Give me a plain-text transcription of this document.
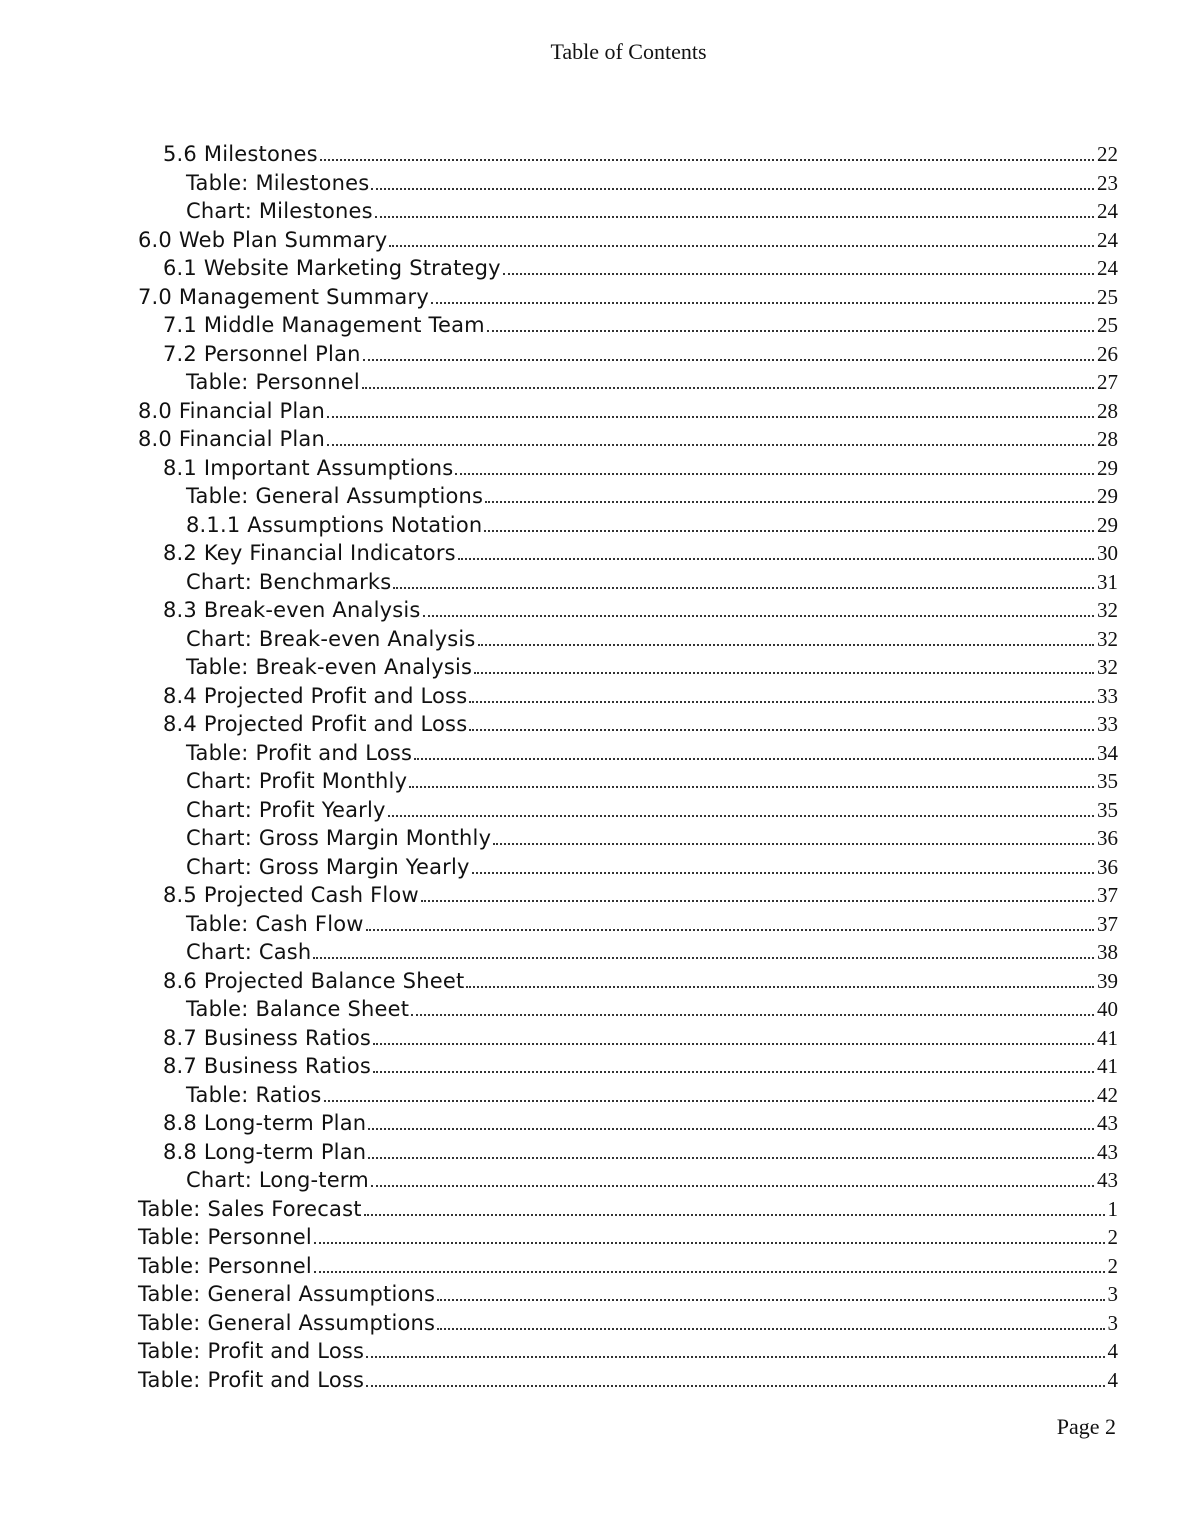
Table of Contents
5.6 Milestones	22
Table: Milestones	23
Chart: Milestones	24
6.0 Web Plan Summary	24
6.1 Website Marketing Strategy	24
7.0 Management Summary	25
7.1 Middle Management Team	25
7.2 Personnel Plan	26
Table: Personnel	27
8.0 Financial Plan	28
8.0 Financial Plan	28
8.1 Important Assumptions	29
Table: General Assumptions	29
8.1.1 Assumptions Notation	29
8.2 Key Financial Indicators	30
Chart: Benchmarks	31
8.3 Break-even Analysis	32
Chart: Break-even Analysis	32
Table: Break-even Analysis	32
8.4 Projected Profit and Loss	33
8.4 Projected Profit and Loss	33
Table: Profit and Loss	34
Chart: Profit Monthly	35
Chart: Profit Yearly	35
Chart: Gross Margin Monthly	36
Chart: Gross Margin Yearly	36
8.5 Projected Cash Flow	37
Table: Cash Flow	37
Chart: Cash	38
8.6 Projected Balance Sheet	39
Table: Balance Sheet	40
8.7 Business Ratios	41
8.7 Business Ratios	41
Table: Ratios	42
8.8 Long-term Plan	43
8.8 Long-term Plan	43
Chart: Long-term	43
Table: Sales Forecast	1
Table: Personnel	2
Table: Personnel	2
Table: General Assumptions	3
Table: General Assumptions	3
Table: Profit and Loss	4
Table: Profit and Loss	4
Page 2
